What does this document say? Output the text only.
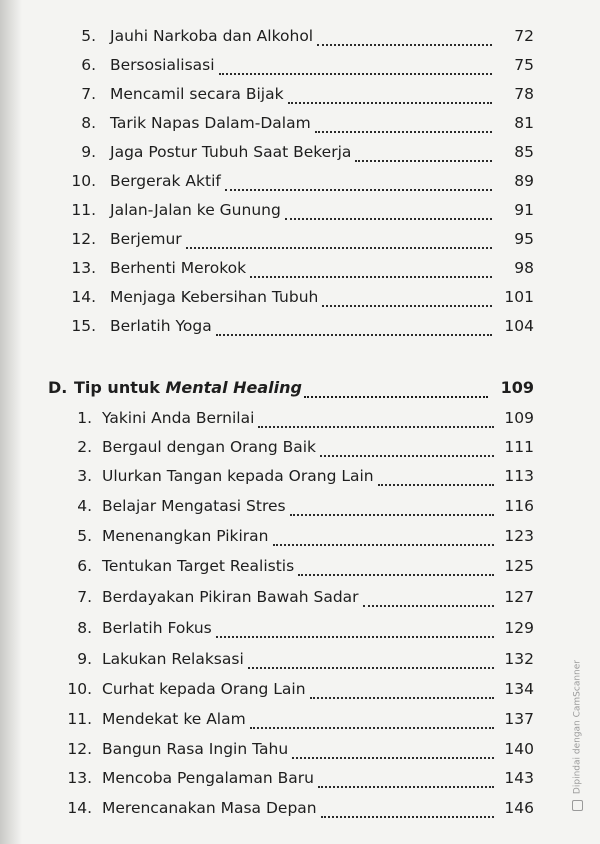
5. Jauhi Narkoba dan Alkohol	72
6. Bersosialisasi	75
7. Mencamil secara Bijak	78
8. Tarik Napas Dalam-Dalam	81
9. Jaga Postur Tubuh Saat Bekerja	85
10. Bergerak Aktif	89
11. Jalan-Jalan ke Gunung	91
12. Berjemur	95
13. Berhenti Merokok	98
14. Menjaga Kebersihan Tubuh	101
15. Berlatih Yoga	104
D. Tip untuk Mental Healing	109
1. Yakini Anda Bernilai	109
2. Bergaul dengan Orang Baik	111
3. Ulurkan Tangan kepada Orang Lain	113
4. Belajar Mengatasi Stres	116
5. Menenangkan Pikiran	123
6. Tentukan Target Realistis	125
7. Berdayakan Pikiran Bawah Sadar	127
8. Berlatih Fokus	129
9. Lakukan Relaksasi	132
10. Curhat kepada Orang Lain	134
11. Mendekat ke Alam	137
12. Bangun Rasa Ingin Tahu	140
13. Mencoba Pengalaman Baru	143
14. Merencanakan Masa Depan	146
Dipindai dengan CamScanner
